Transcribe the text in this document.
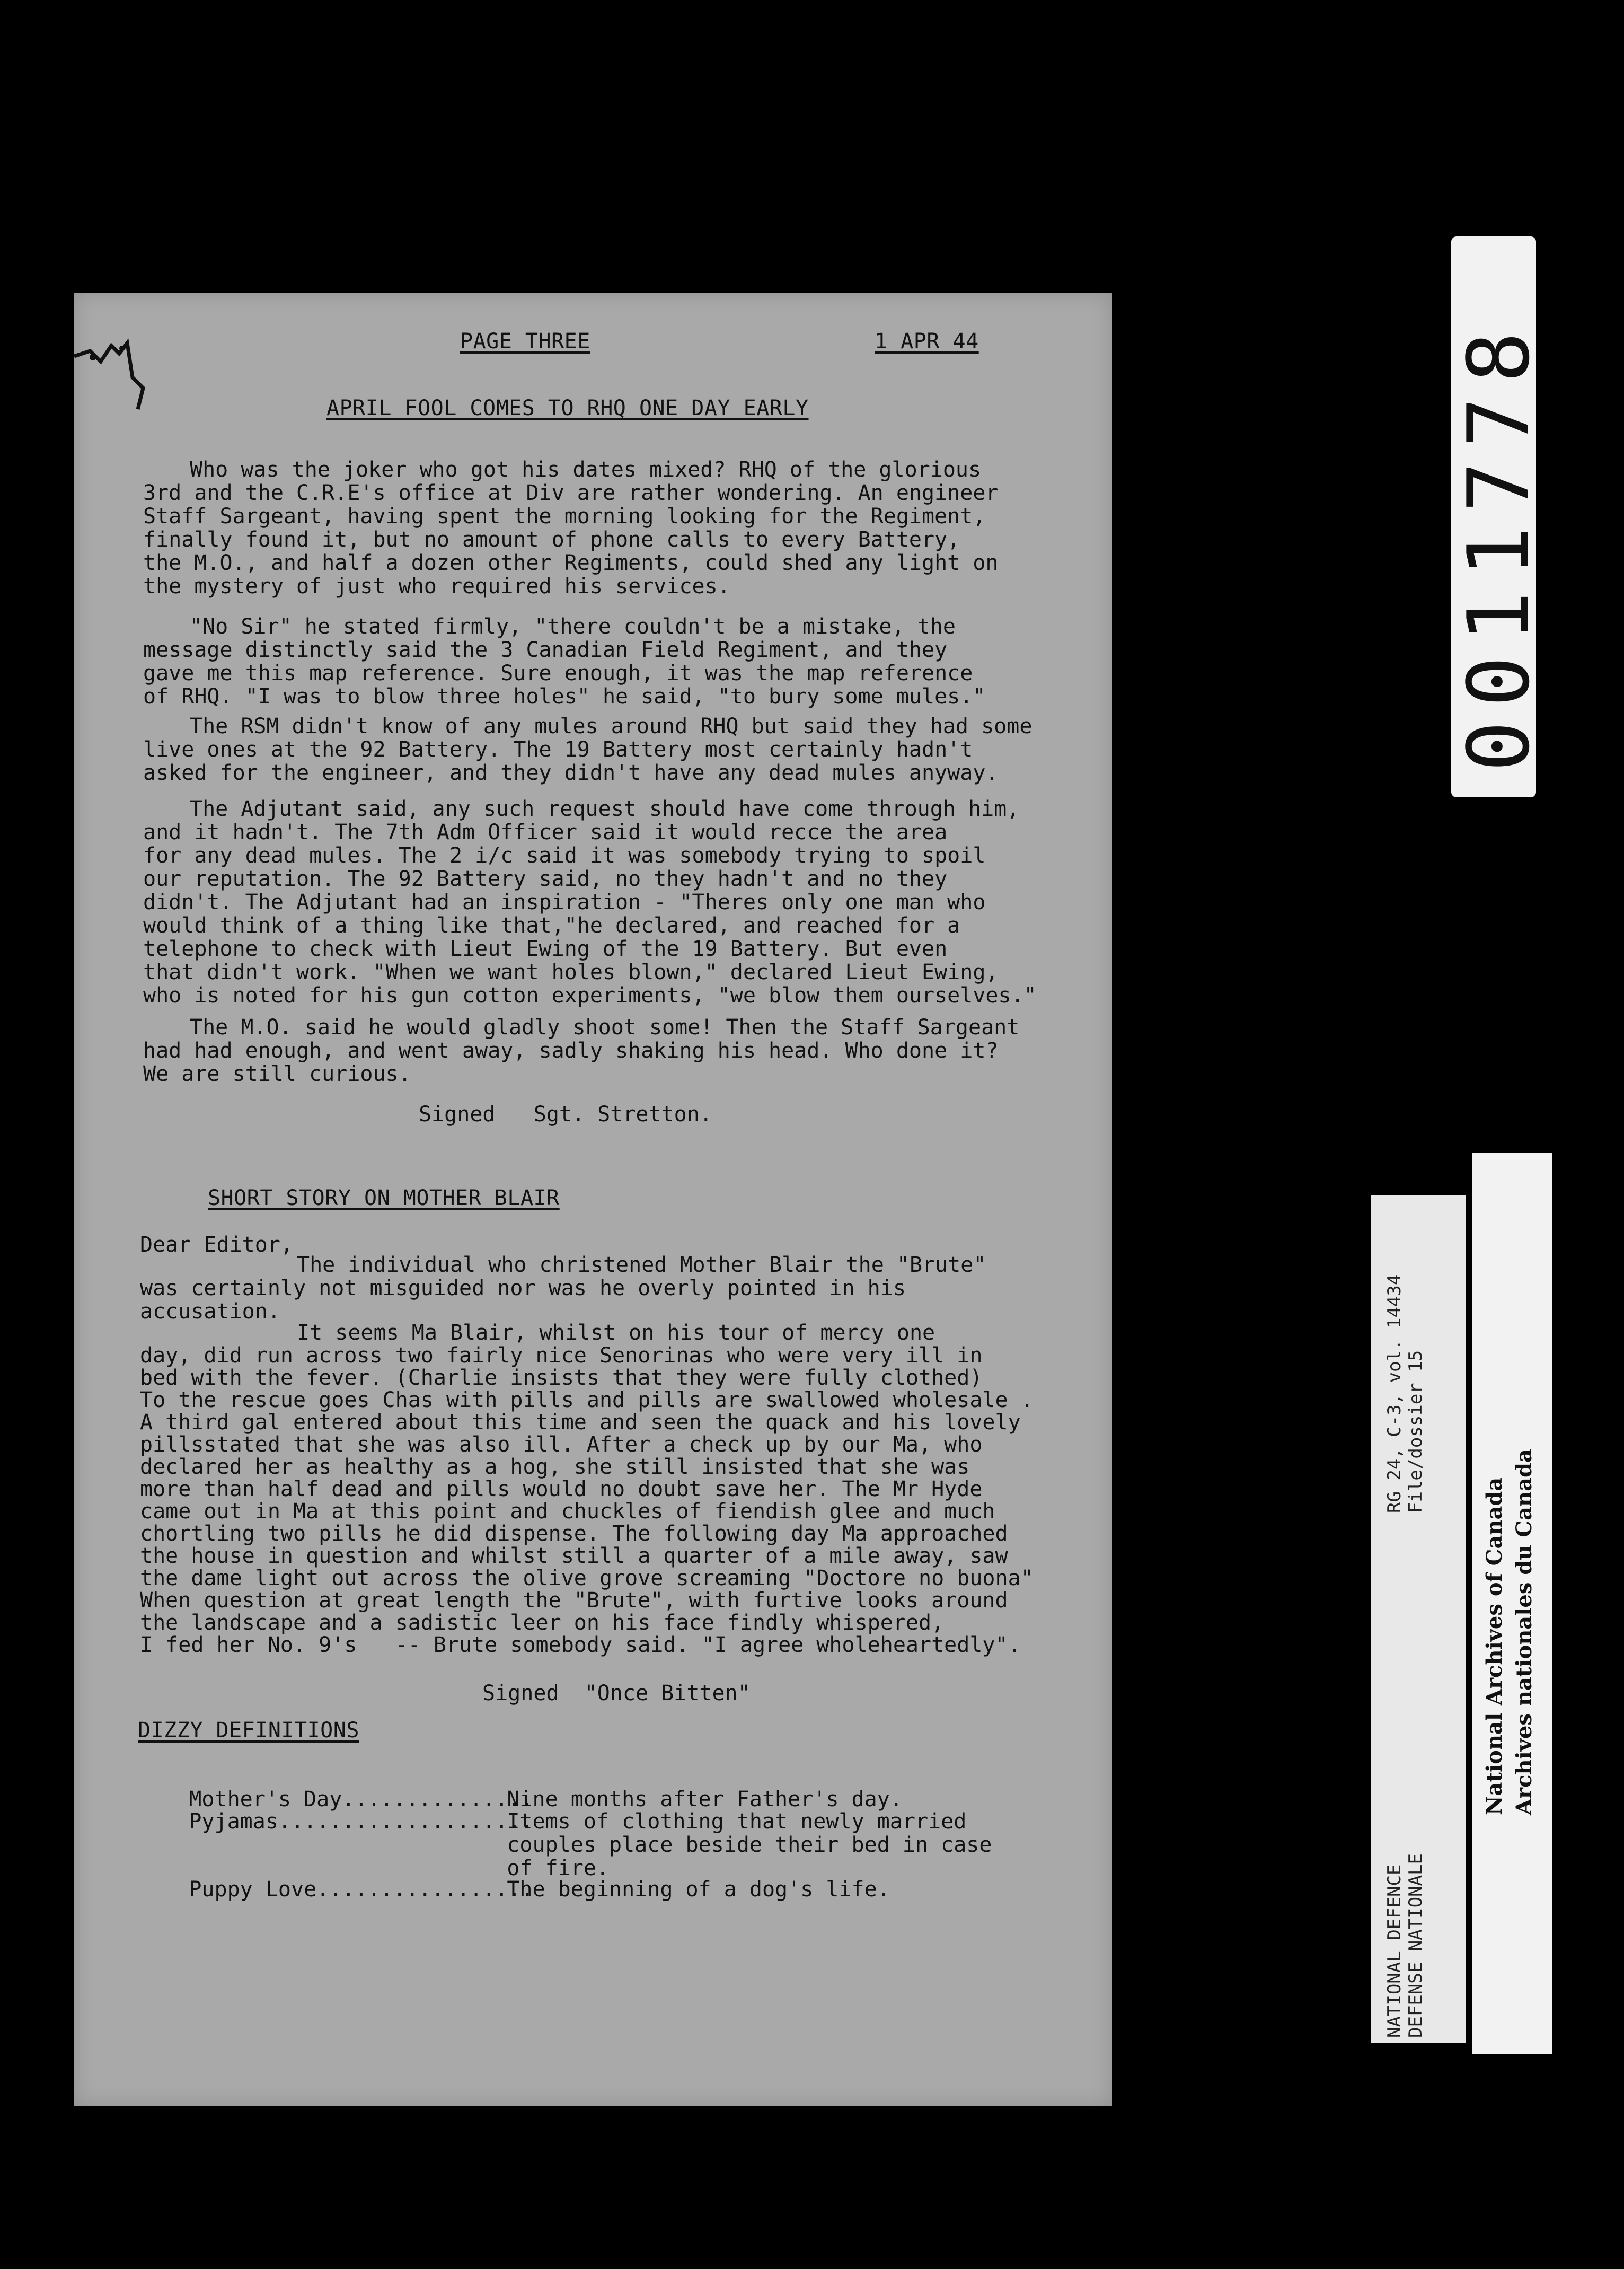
PAGE THREE	1 APR 44
APRIL FOOL COMES TO RHQ ONE DAY EARLY
Who was the joker who got his dates mixed? RHQ of the glorious

3rd and the C.R.E's office at Div are rather wondering. An engineer
Staff Sargeant, having spent the morning looking for the Regiment,
finally found it, but no amount of phone calls to every Battery,
the M.O., and half a dozen other Regiments, could shed any light on
the mystery of just who required his services.
"No Sir" he stated firmly, "there couldn't be a mistake, the
message distinctly said the 3 Canadian Field Regiment, and they
gave me this map reference. Sure enough, it was the map reference
of RHQ. "I was to blow three holes" he said, "to bury some mules."
The RSM didn't know of any mules around RHQ but said they had some
live ones at the 92 Battery. The 19 Battery most certainly hadn't
asked for the engineer, and they didn't have any dead mules anyway.
The Adjutant said, any such request should have come through him,
and it hadn't. The 7th Adm Officer said it would recce the area
for any dead mules. The 2 i/c said it was somebody trying to spoil
our reputation. The 92 Battery said, no they hadn't and no they
didn't. The Adjutant had an inspiration - "Theres only one man who
would think of a thing like that,"he declared, and reached for a
telephone to check with Lieut Ewing of the 19 Battery. But even
that didn't work. "When we want holes blown," declared Lieut Ewing,
who is noted for his gun cotton experiments, "we blow them ourselves."
The M.O. said he would gladly shoot some! Then the Staff Sargeant
had had enough, and went away, sadly shaking his head. Who done it?
We are still curious.
Signed   Sgt. Stretton.
SHORT STORY ON MOTHER BLAIR
Dear Editor,
The individual who christened Mother Blair the "Brute"
was certainly not misguided nor was he overly pointed in his
accusation.
It seems Ma Blair, whilst on his tour of mercy one
day, did run across two fairly nice Senorinas who were very ill in
bed with the fever. (Charlie insists that they were fully clothed)
To the rescue goes Chas with pills and pills are swallowed wholesale .
A third gal entered about this time and seen the quack and his lovely
pillsstated that she was also ill. After a check up by our Ma, who
declared her as healthy as a hog, she still insisted that she was
more than half dead and pills would no doubt save her. The Mr Hyde
came out in Ma at this point and chuckles of fiendish glee and much
chortling two pills he did dispense. The following day Ma approached
the house in question and whilst still a quarter of a mile away, saw
the dame light out across the olive grove screaming "Doctore no buona"
When question at great length the "Brute", with furtive looks around
the landscape and a sadistic leer on his face findly whispered,
I fed her No. 9's   -- Brute somebody said. "I agree wholeheartedly".
Signed  "Once Bitten"
DIZZY DEFINITIONS

Mother's Day...............Nine months after Father's day.

Pyjamas....................Items of clothing that newly married
couples place beside their bed in case
of fire.

Puppy Love.................The beginning of a dog's life.

0011778
RG 24, C-3, vol. 14434 File/dossier 15
NATIONAL DEFENCE DEFENSE NATIONALE
National Archives of Canada Archives nationales du Canada
